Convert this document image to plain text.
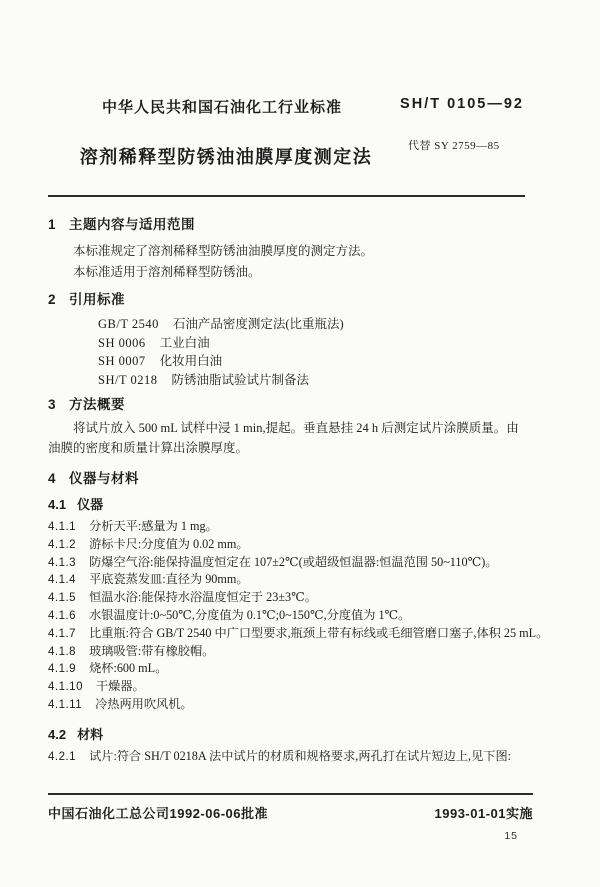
中华人民共和国石油化工行业标准	SH/T 0105—92
溶剂稀释型防锈油油膜厚度测定法
代替 SY 2759—85
1 主题内容与适用范围
本标准规定了溶剂稀释型防锈油油膜厚度的测定方法。
本标准适用于溶剂稀释型防锈油。
2 引用标准
GB/T 2540 石油产品密度测定法(比重瓶法)
SH 0006 工业白油
SH 0007 化妆用白油
SH/T 0218 防锈油脂试验试片制备法
3 方法概要
将试片放入 500 mL 试样中浸 1 min,提起。垂直悬挂 24 h 后测定试片涂膜质量。由油膜的密度和质量计算出涂膜厚度。
4 仪器与材料
4.1 仪器
4.1.1 分析天平:感量为 1 mg。
4.1.2 游标卡尺:分度值为 0.02 mm。
4.1.3 防爆空气浴:能保持温度恒定在 107±2℃(或超级恒温器:恒温范围 50~110℃)。
4.1.4 平底瓷蒸发皿:直径为 90mm。
4.1.5 恒温水浴:能保持水浴温度恒定于 23±3℃。
4.1.6 水银温度计:0~50℃,分度值为 0.1℃;0~150℃,分度值为 1℃。
4.1.7 比重瓶:符合 GB/T 2540 中广口型要求,瓶颈上带有标线或毛细管磨口塞子,体积 25 mL。
4.1.8 玻璃吸管:带有橡胶帽。
4.1.9 烧杯:600 mL。
4.1.10 干燥器。
4.1.11 冷热两用吹风机。
4.2 材料
4.2.1 试片:符合 SH/T 0218A 法中试片的材质和规格要求,两孔打在试片短边上,见下图:
中国石油化工总公司1992-06-06批准	1993-01-01实施
15
